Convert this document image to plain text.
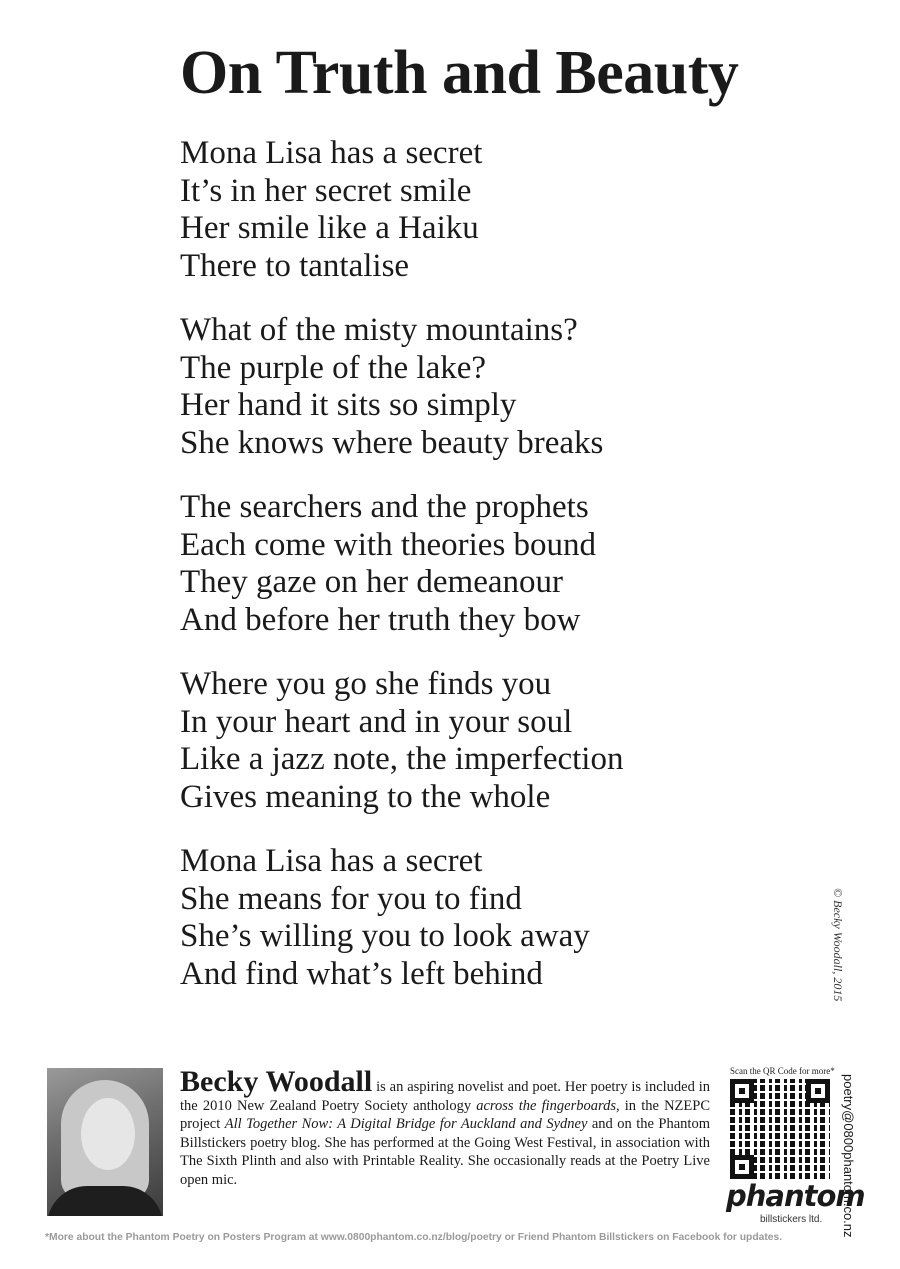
On Truth and Beauty
Mona Lisa has a secret
It’s in her secret smile
Her smile like a Haiku
There to tantalise
What of the misty mountains?
The purple of the lake?
Her hand it sits so simply
She knows where beauty breaks
The searchers and the prophets
Each come with theories bound
They gaze on her demeanour
And before her truth they bow
Where you go she finds you
In your heart and in your soul
Like a jazz note, the imperfection
Gives meaning to the whole
Mona Lisa has a secret
She means for you to find
She’s willing you to look away
And find what’s left behind	© Becky Woodall, 2015
Becky Woodall is an aspiring novelist and poet. Her poetry is included in the 2010 New Zealand Poetry Society anthology across the fingerboards, in the NZEPC project All Together Now: A Digital Bridge for Auckland and Sydney and on the Phantom Billstickers poetry blog. She has performed at the Going West Festival, in association with The Sixth Plinth and also with Printable Reality. She occasionally reads at the Poetry Live open mic.
Scan the QR Code for more*
phantom
billstickers ltd. poetry@0800phantom.co.nz
*More about the Phantom Poetry on Posters Program at www.0800phantom.co.nz/blog/poetry or Friend Phantom Billstickers on Facebook for updates.
